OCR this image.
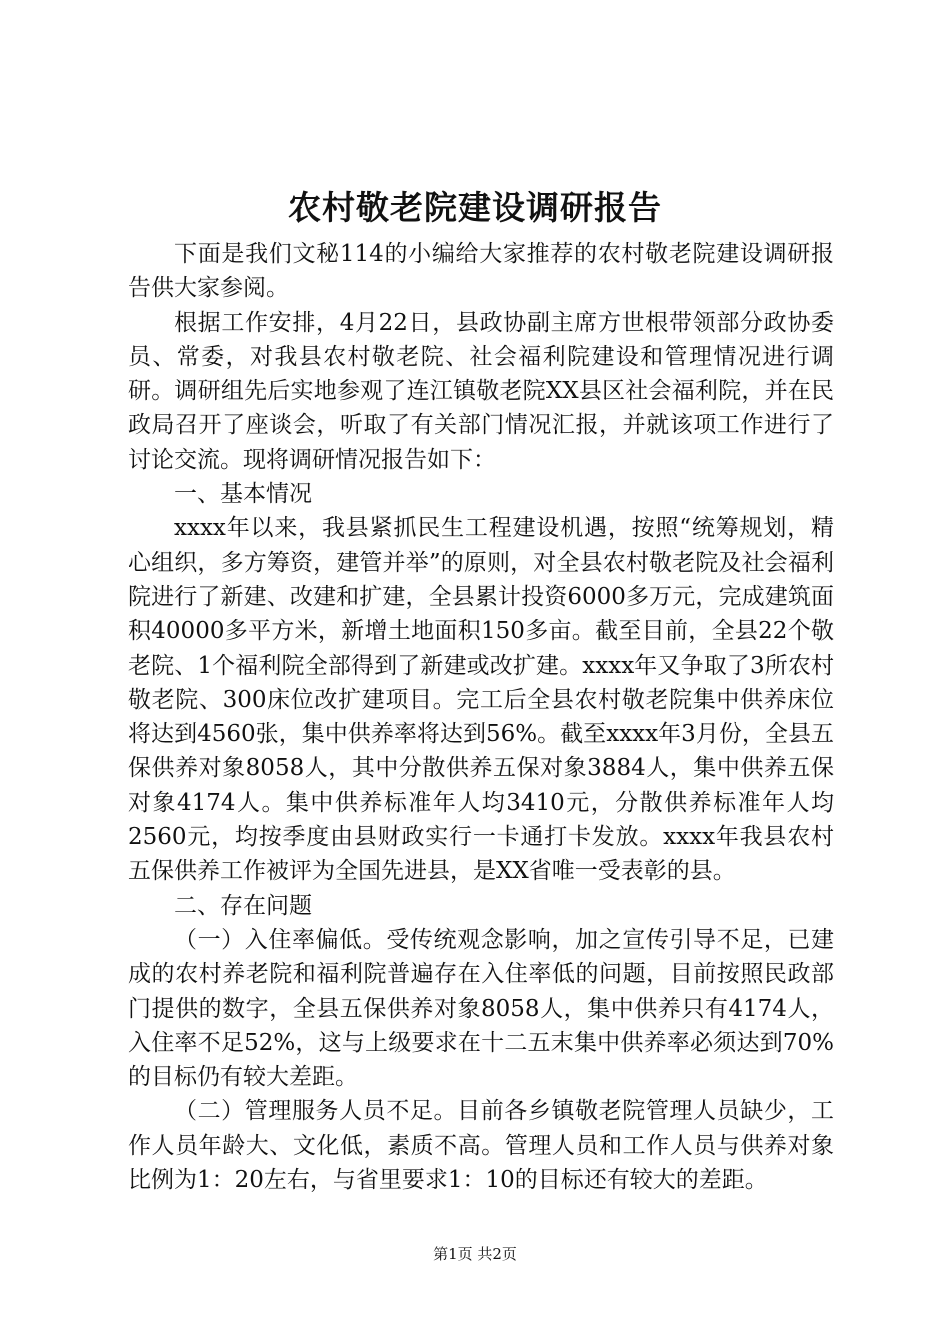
农村敬老院建设调研报告

下面是我们文秘114的小编给大家推荐的农村敬老院建设调研报告供大家参阅。

根据工作安排，4月22日，县政协副主席方世根带领部分政协委员、常委，对我县农村敬老院、社会福利院建设和管理情况进行调研。调研组先后实地参观了连江镇敬老院XX县区社会福利院，并在民政局召开了座谈会，听取了有关部门情况汇报，并就该项工作进行了讨论交流。现将调研情况报告如下：

一、基本情况

xxxx年以来，我县紧抓民生工程建设机遇，按照“统筹规划，精心组织，多方筹资，建管并举”的原则，对全县农村敬老院及社会福利院进行了新建、改建和扩建，全县累计投资6000多万元，完成建筑面积40000多平方米，新增土地面积150多亩。截至目前，全县22个敬老院、1个福利院全部得到了新建或改扩建。xxxx年又争取了3所农村敬老院、300床位改扩建项目。完工后全县农村敬老院集中供养床位将达到4560张，集中供养率将达到56%。截至xxxx年3月份，全县五保供养对象8058人，其中分散供养五保对象3884人，集中供养五保对象4174人。集中供养标准年人均3410元，分散供养标准年人均2560元，均按季度由县财政实行一卡通打卡发放。xxxx年我县农村五保供养工作被评为全国先进县，是XX省唯一受表彰的县。

二、存在问题

（一）入住率偏低。受传统观念影响，加之宣传引导不足，已建成的农村养老院和福利院普遍存在入住率低的问题，目前按照民政部门提供的数字，全县五保供养对象8058人，集中供养只有4174人，入住率不足52%，这与上级要求在十二五末集中供养率必须达到70%的目标仍有较大差距。

（二）管理服务人员不足。目前各乡镇敬老院管理人员缺少，工作人员年龄大、文化低，素质不高。管理人员和工作人员与供养对象比例为1：20左右，与省里要求1：10的目标还有较大的差距。

第1页 共2页
